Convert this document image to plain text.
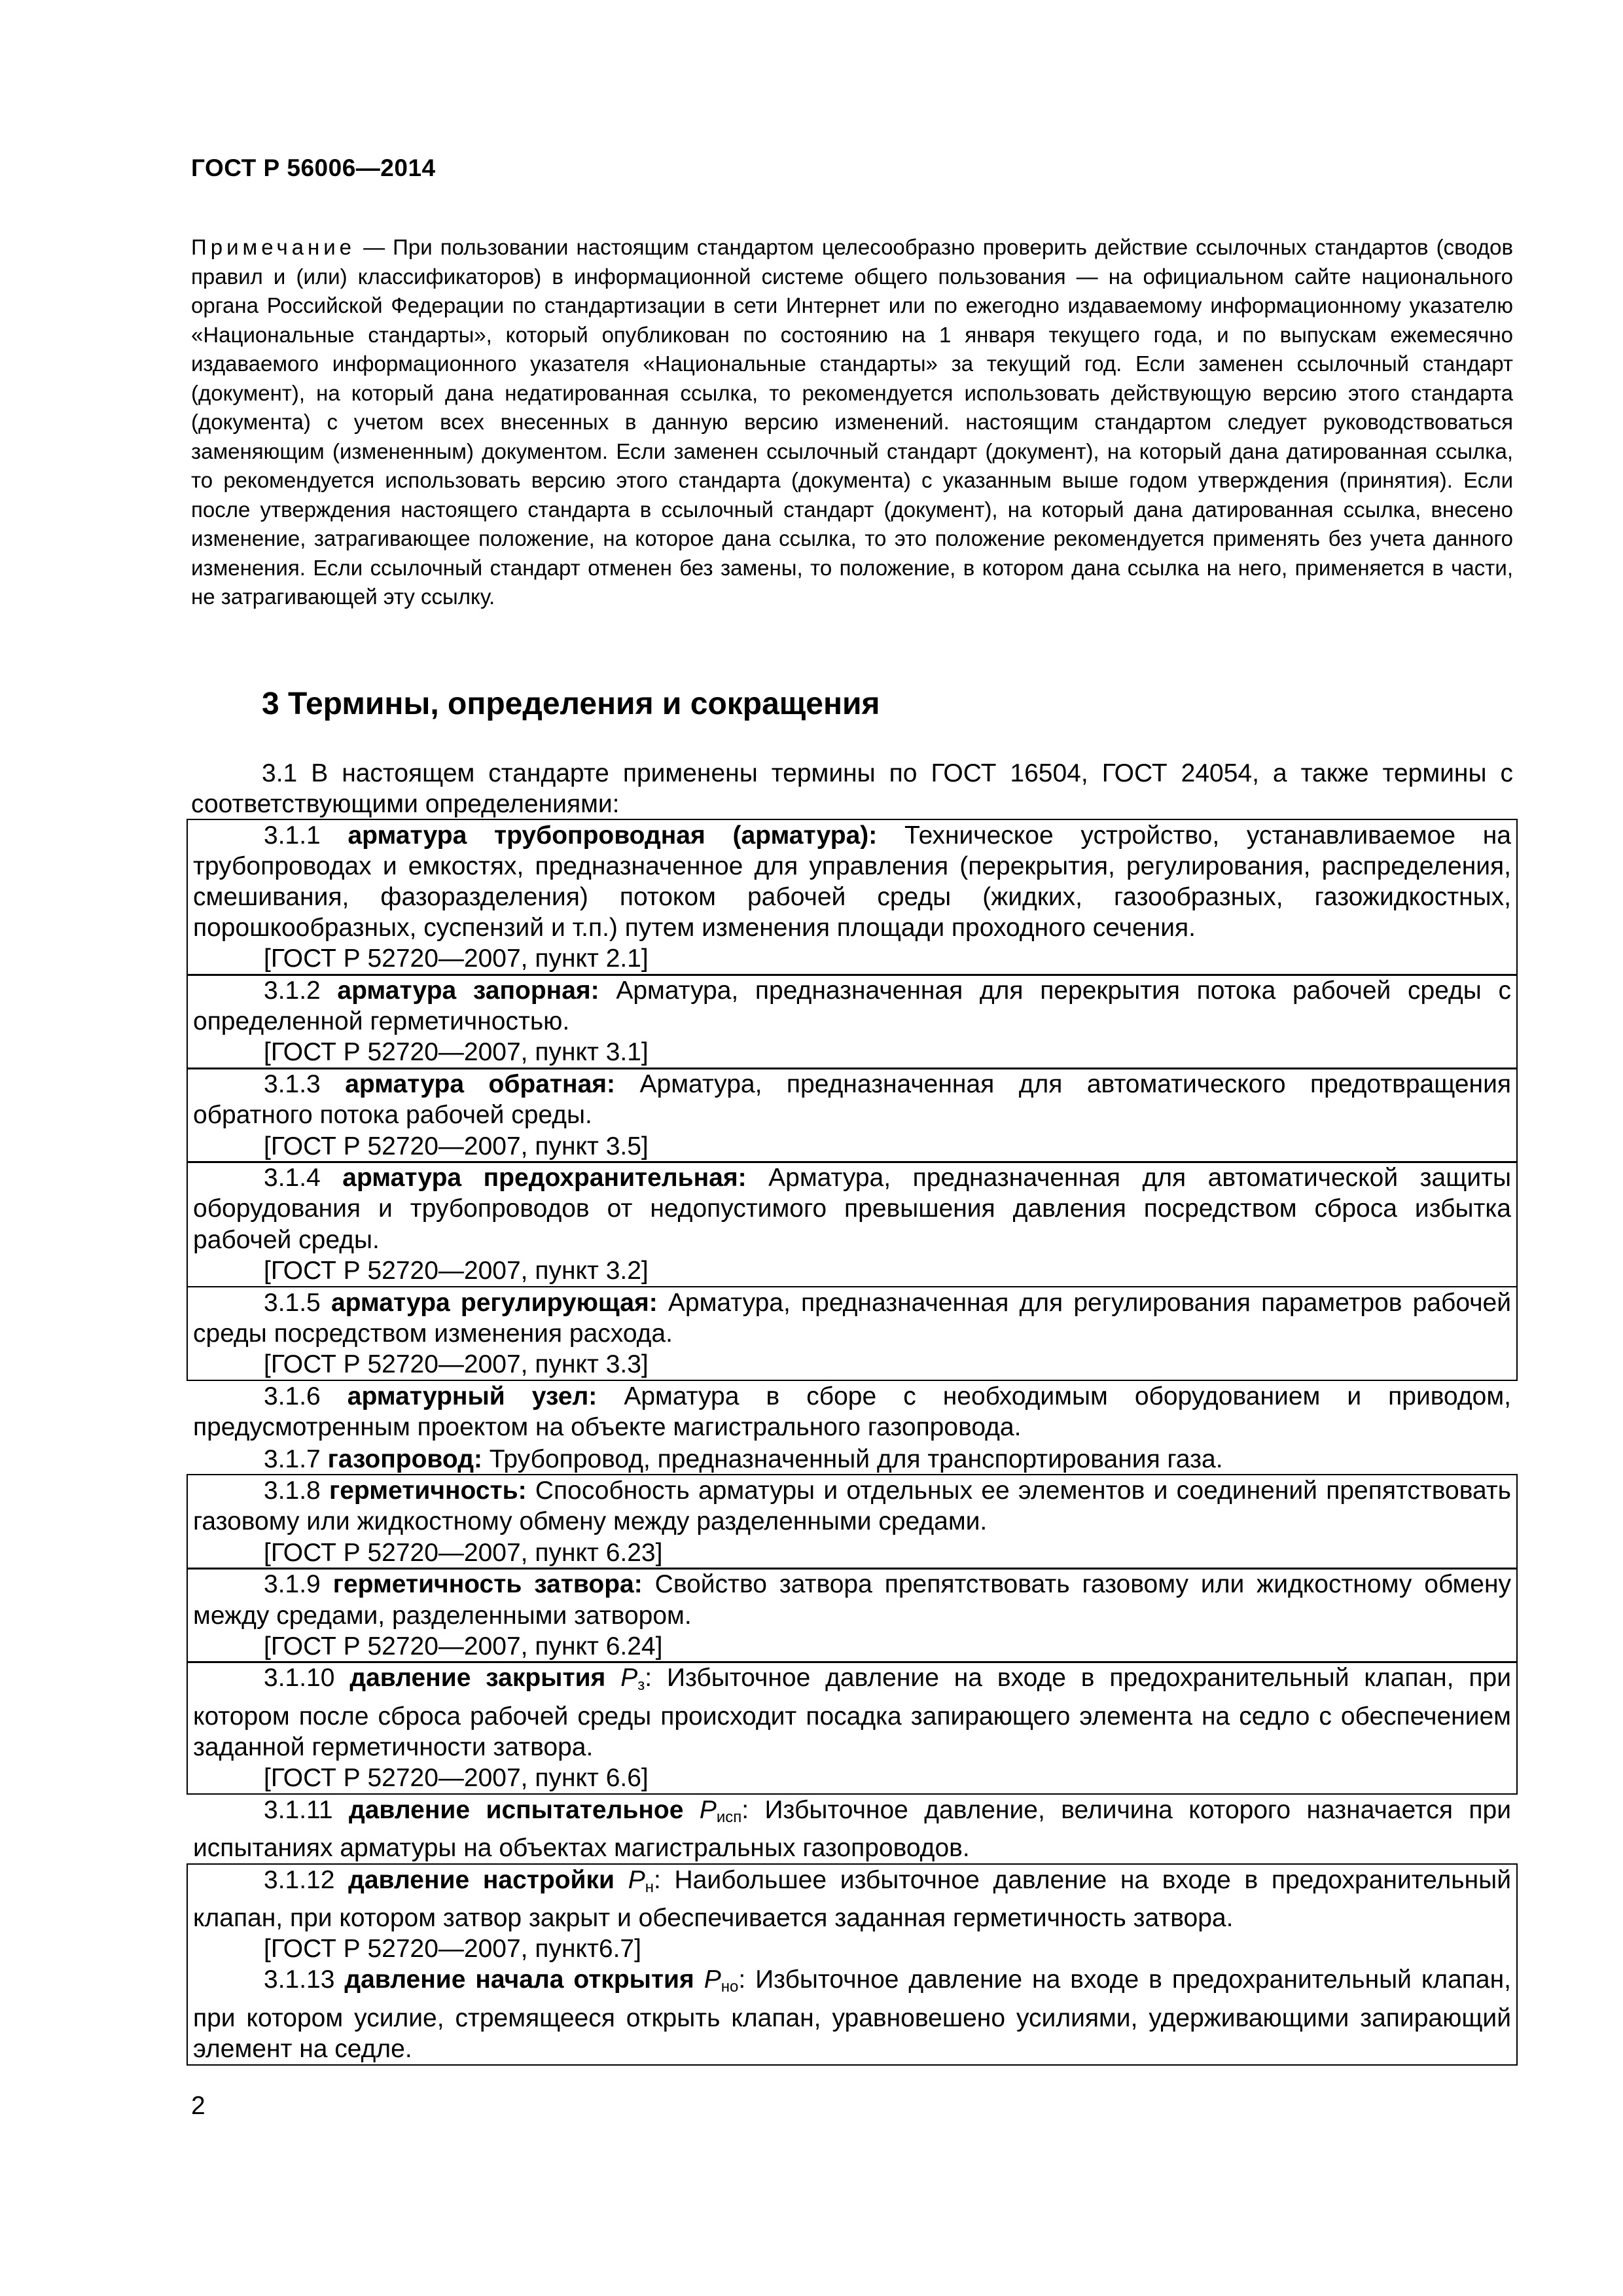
ГОСТ Р 56006—2014
Примечание — При пользовании настоящим стандартом целесообразно проверить действие ссылочных стандартов (сводов правил и (или) классификаторов) в информационной системе общего пользования — на официальном сайте национального органа Российской Федерации по стандартизации в сети Интернет или по ежегодно издаваемому информационному указателю «Национальные стандарты», который опубликован по состоянию на 1 января текущего года, и по выпускам ежемесячно издаваемого информационного указателя «Национальные стандарты» за текущий год. Если заменен ссылочный стандарт (документ), на который дана недатированная ссылка, то рекомендуется использовать действующую версию этого стандарта (документа) с учетом всех внесенных в данную версию изменений. настоящим стандартом следует руководствоваться заменяющим (измененным) документом. Если заменен ссылочный стандарт (документ), на который дана датированная ссылка, то рекомендуется использовать версию этого стандарта (документа) с указанным выше годом утверждения (принятия). Если после утверждения настоящего стандарта в ссылочный стандарт (документ), на который дана датированная ссылка, внесено изменение, затрагивающее положение, на которое дана ссылка, то это положение рекомендуется применять без учета данного изменения. Если ссылочный стандарт отменен без замены, то положение, в котором дана ссылка на него, применяется в части, не затрагивающей эту ссылку.
3 Термины, определения и сокращения
3.1 В настоящем стандарте применены термины по ГОСТ 16504, ГОСТ 24054, а также термины с соответствующими определениями:

3.1.1 арматура трубопроводная (арматура): Техническое устройство, устанавливаемое на трубопроводах и емкостях, предназначенное для управления (перекрытия, регулирования, распределения, смешивания, фазоразделения) потоком рабочей среды (жидких, газообразных, газожидкостных, порошкообразных, суспензий и т.п.) путем изменения площади проходного сечения.

[ГОСТ Р 52720—2007, пункт 2.1]

3.1.2 арматура запорная: Арматура, предназначенная для перекрытия потока рабочей среды с определенной герметичностью.

[ГОСТ Р 52720—2007, пункт 3.1]

3.1.3 арматура обратная: Арматура, предназначенная для автоматического предотвращения обратного потока рабочей среды.

[ГОСТ Р 52720—2007, пункт 3.5]

3.1.4 арматура предохранительная: Арматура, предназначенная для автоматической защиты оборудования и трубопроводов от недопустимого превышения давления посредством сброса избытка рабочей среды.

[ГОСТ Р 52720—2007, пункт 3.2]

3.1.5 арматура регулирующая: Арматура, предназначенная для регулирования параметров рабочей среды посредством изменения расхода.

[ГОСТ Р 52720—2007, пункт 3.3]

3.1.6 арматурный узел: Арматура в сборе с необходимым оборудованием и приводом, предусмотренным проектом на объекте магистрального газопровода.

3.1.7 газопровод: Трубопровод, предназначенный для транспортирования газа.

3.1.8 герметичность: Способность арматуры и отдельных ее элементов и соединений препятствовать газовому или жидкостному обмену между разделенными средами.

[ГОСТ Р 52720—2007, пункт 6.23]

3.1.9 герметичность затвора: Свойство затвора препятствовать газовому или жидкостному обмену между средами, разделенными затвором.

[ГОСТ Р 52720—2007, пункт 6.24]

3.1.10 давление закрытия $P_з$: Избыточное давление на входе в предохранительный клапан, при котором после сброса рабочей среды происходит посадка запирающего элемента на седло с обеспечением заданной герметичности затвора.

[ГОСТ Р 52720—2007, пункт 6.6]

3.1.11 давление испытательное $P_{исп}$: Избыточное давление, величина которого назначается при испытаниях арматуры на объектах магистральных газопроводов.

3.1.12 давление настройки $P_н$: Наибольшее избыточное давление на входе в предохранительный клапан, при котором затвор закрыт и обеспечивается заданная герметичность затвора.

[ГОСТ Р 52720—2007, пункт6.7]

3.1.13 давление начала открытия $P_{но}$: Избыточное давление на входе в предохранительный клапан, при котором усилие, стремящееся открыть клапан, уравновешено усилиями, удерживающими запирающий элемент на седле.

2
